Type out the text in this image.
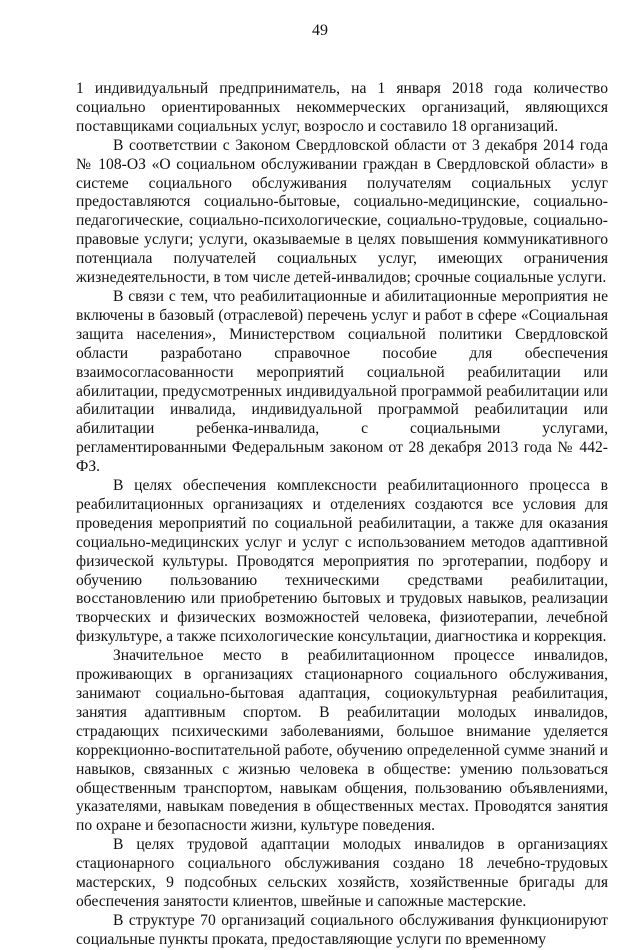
49

1 индивидуальный предприниматель, на 1 января 2018 года количество социально ориентированных некоммерческих организаций, являющихся поставщиками социальных услуг, возросло и составило 18 организаций.

В соответствии с Законом Свердловской области от 3 декабря 2014 года № 108-ОЗ «О социальном обслуживании граждан в Свердловской области» в системе социального обслуживания получателям социальных услуг предоставляются социально-бытовые, социально-медицинские, социально-педагогические, социально-психологические, социально-трудовые, социально-правовые услуги; услуги, оказываемые в целях повышения коммуникативного потенциала получателей социальных услуг, имеющих ограничения жизнедеятельности, в том числе детей-инвалидов; срочные социальные услуги.

В связи с тем, что реабилитационные и абилитационные мероприятия не включены в базовый (отраслевой) перечень услуг и работ в сфере «Социальная защита населения», Министерством социальной политики Свердловской области разработано справочное пособие для обеспечения взаимосогласованности мероприятий социальной реабилитации или абилитации, предусмотренных индивидуальной программой реабилитации или абилитации инвалида, индивидуальной программой реабилитации или абилитации ребенка-инвалида, с социальными услугами, регламентированными Федеральным законом от 28 декабря 2013 года № 442-ФЗ.

В целях обеспечения комплексности реабилитационного процесса в реабилитационных организациях и отделениях создаются все условия для проведения мероприятий по социальной реабилитации, а также для оказания социально-медицинских услуг и услуг с использованием методов адаптивной физической культуры. Проводятся мероприятия по эрготерапии, подбору и обучению пользованию техническими средствами реабилитации, восстановлению или приобретению бытовых и трудовых навыков, реализации творческих и физических возможностей человека, физиотерапии, лечебной физкультуре, а также психологические консультации, диагностика и коррекция.

Значительное место в реабилитационном процессе инвалидов, проживающих в организациях стационарного социального обслуживания, занимают социально-бытовая адаптация, социокультурная реабилитация, занятия адаптивным спортом. В реабилитации молодых инвалидов, страдающих психическими заболеваниями, большое внимание уделяется коррекционно-воспитательной работе, обучению определенной сумме знаний и навыков, связанных с жизнью человека в обществе: умению пользоваться общественным транспортом, навыкам общения, пользованию объявлениями, указателями, навыкам поведения в общественных местах. Проводятся занятия по охране и безопасности жизни, культуре поведения.

В целях трудовой адаптации молодых инвалидов в организациях стационарного социального обслуживания создано 18 лечебно-трудовых мастерских, 9 подсобных сельских хозяйств, хозяйственные бригады для обеспечения занятости клиентов, швейные и сапожные мастерские.

В структуре 70 организаций социального обслуживания функционируют социальные пункты проката, предоставляющие услуги по временному
